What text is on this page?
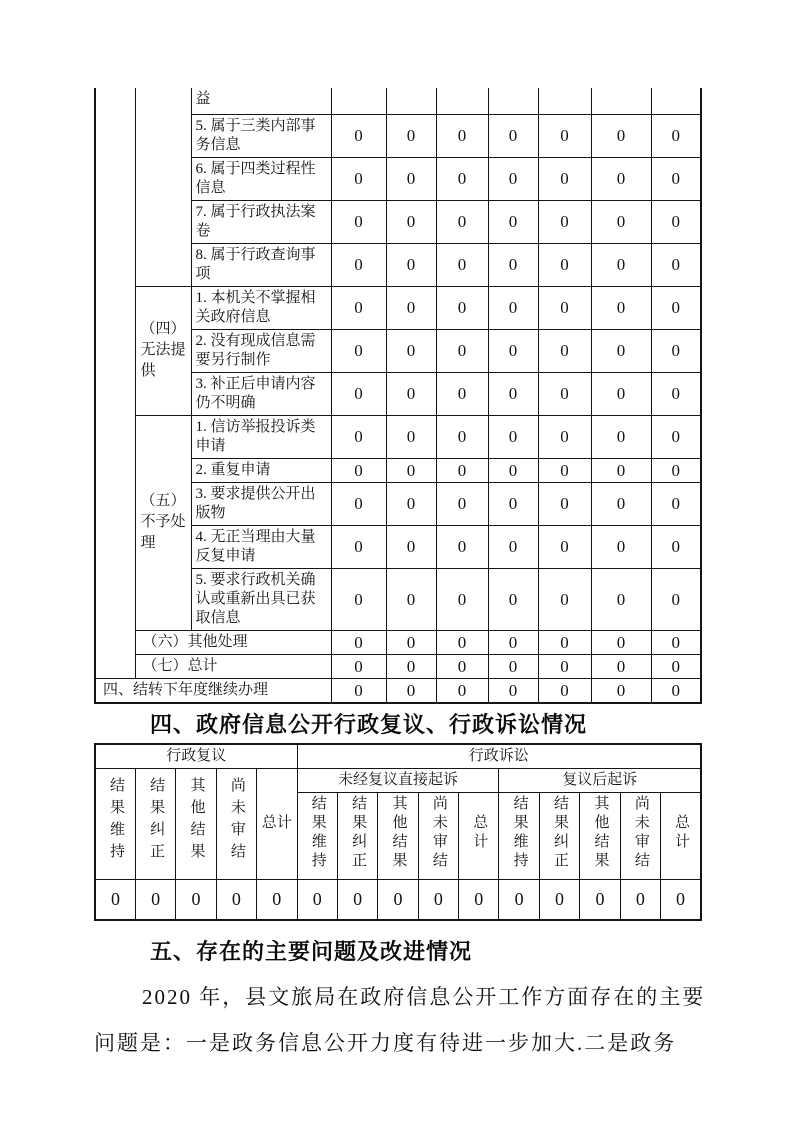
		益							
		5. 属于三类内部事务信息	0	0	0	0	0	0	0
		6. 属于四类过程性信息	0	0	0	0	0	0	0
		7. 属于行政执法案卷	0	0	0	0	0	0	0
		8. 属于行政查询事项	0	0	0	0	0	0	0
	（四）无法提供	1. 本机关不掌握相关政府信息	0	0	0	0	0	0	0
		2. 没有现成信息需要另行制作	0	0	0	0	0	0	0
		3. 补正后申请内容仍不明确	0	0	0	0	0	0	0
	（五）不予处理	1. 信访举报投诉类申请	0	0	0	0	0	0	0
		2. 重复申请	0	0	0	0	0	0	0
		3. 要求提供公开出版物	0	0	0	0	0	0	0
		4. 无正当理由大量反复申请	0	0	0	0	0	0	0
		5. 要求行政机关确认或重新出具已获取信息	0	0	0	0	0	0	0
	（六）其他处理		0	0	0	0	0	0	0
	（七）总计		0	0	0	0	0	0	0
四、结转下年度继续办理			0	0	0	0	0	0	0
四、政府信息公开行政复议、行政诉讼情况
行政复议					行政诉讼									
结果维持	结果纠正	其他结果	尚未审结	总计	未经复议直接起诉					复议后起诉				
					结果维持	结果纠正	其他结果	尚未审结	总计	结果维持	结果纠正	其他结果	尚未审结	总计
0	0	0	0	0	0	0	0	0	0	0	0	0	0	0
五、存在的主要问题及改进情况
2020 年，县文旅局在政府信息公开工作方面存在的主要
问题是：一是政务信息公开力度有待进一步加大.二是政务
